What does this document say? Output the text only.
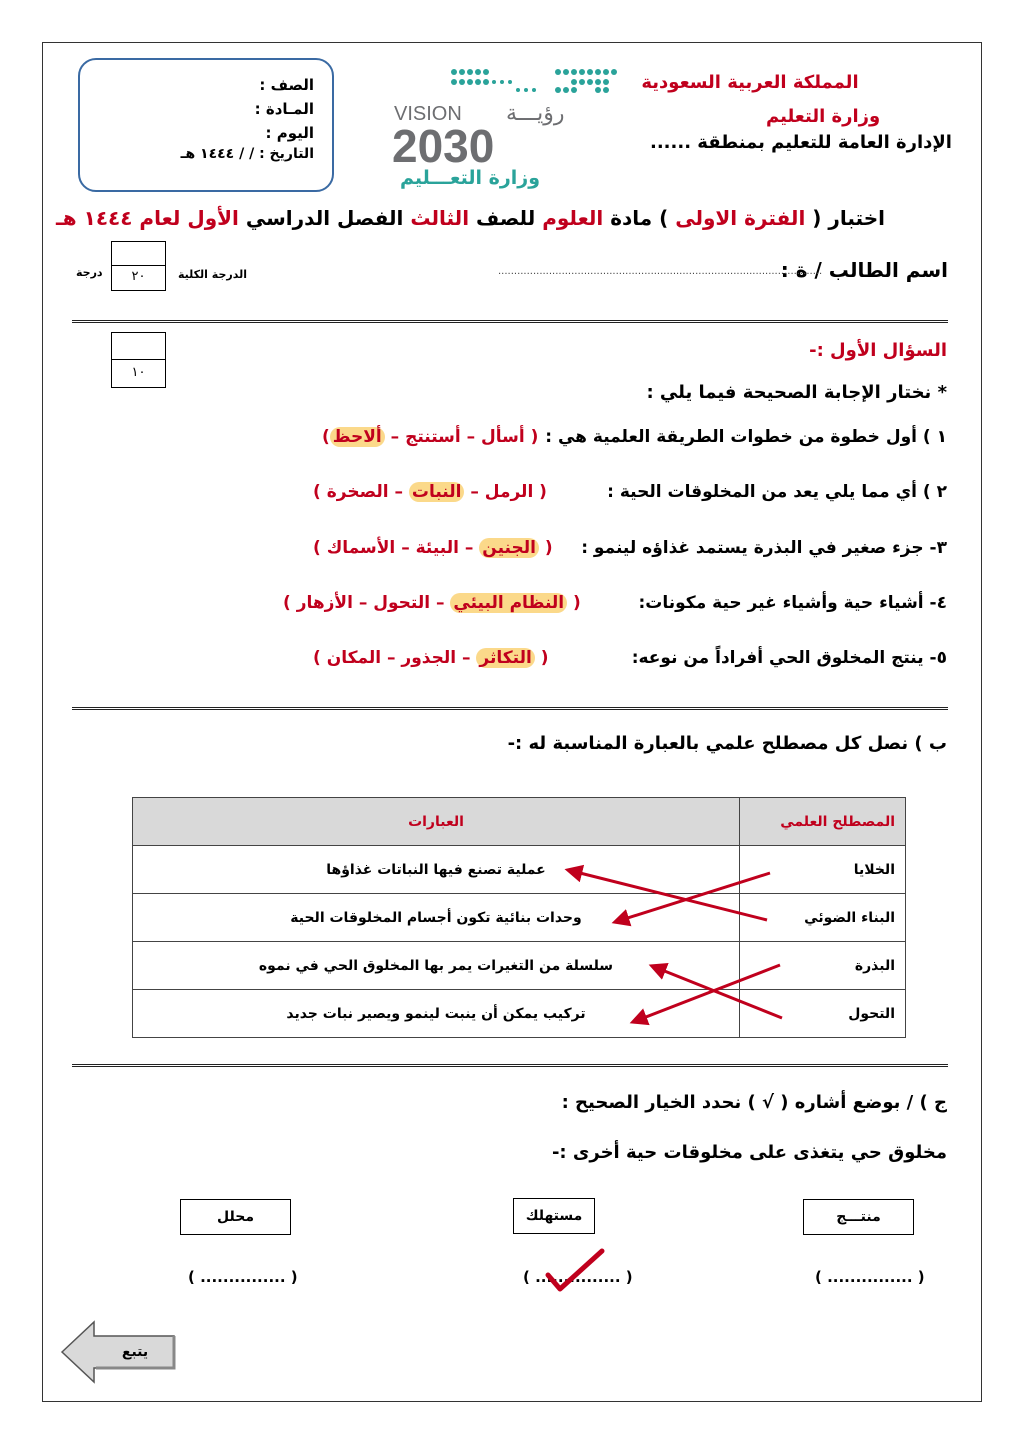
المملكة العربية السعودية
وزارة التعليم
الإدارة العامة للتعليم بمنطقة ......
VISION رؤيـــة
2030
وزارة التعـــليم
الصف :
المـادة :
اليوم :
التاريخ : / / ١٤٤٤ هـ
اختبار ( الفترة الاولى ) مادة العلوم للصف الثالث الفصل الدراسي الأول لعام ١٤٤٤ هـ
اسم الطالب / ة :
......................................................................................................
الدرجة الكلية
٢٠
درجة
السؤال الأول :-
١٠
* نختار الإجابة الصحيحة فيما يلي :
١ ) أول خطوة من خطوات الطريقة العلمية هي :
( أسأل – أستنتج – ألاحظ)
٢ ) أي مما يلي يعد من المخلوقات الحية :
( الرمل – النبات – الصخرة )
٣- جزء صغير في البذرة يستمد غذاؤه لينمو :
( الجنين – البيئة – الأسماك )
٤- أشياء حية وأشياء غير حية مكونات:
( النظام البيئي – التحول – الأزهار )
٥- ينتج المخلوق الحي أفراداً من نوعه:
( التكاثر – الجذور – المكان )
ب ) نصل كل مصطلح علمي بالعبارة المناسبة له :-
المصطلح العلمي	العبارات
الخلايا	عملية تصنع فيها النباتات غذاؤها
البناء الضوئي	وحدات بنائية تكون أجسام المخلوقات الحية
البذرة	سلسلة من التغيرات يمر بها المخلوق الحي في نموه
التحول	تركيب يمكن أن ينبت لينمو ويصير نبات جديد
ج ) / بوضع أشاره ( √ ) نحدد الخيار الصحيح :
مخلوق حي يتغذى على مخلوقات حية أخرى :-
منتـــج
مستهلك
محلل
( ............... )
( ............... )
( ............... )
يتبع
